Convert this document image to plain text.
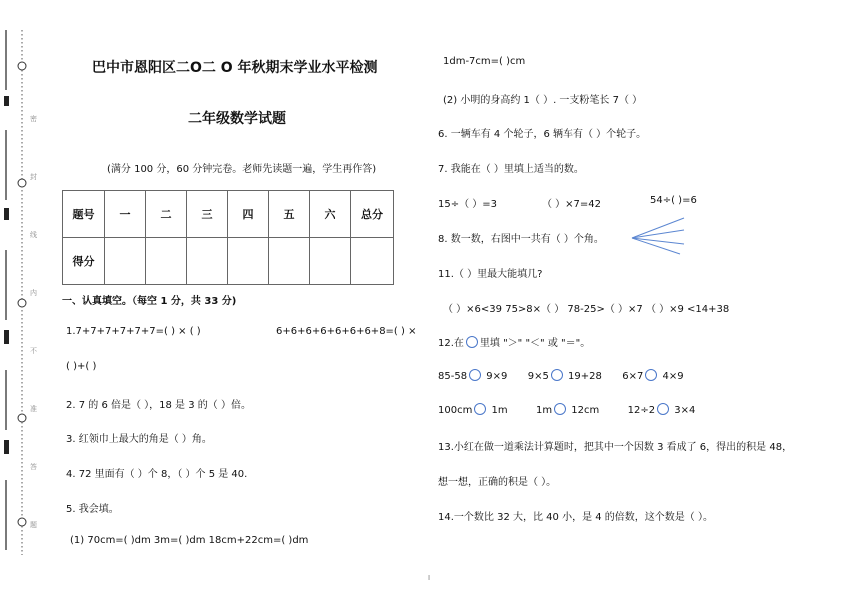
密 封 线 内 不 准 答 题
巴中市恩阳区二O二 O 年秋期末学业水平检测
二年级数学试题
(满分 100 分，60 分钟完卷。老师先读题一遍，学生再作答)
题号	一	二	三	四	五	六	总分
得分							
一、认真填空。（每空 1 分，共 33 分)
1.7+7+7+7+7+7=( ) × ( )	6+6+6+6+6+6+6+8=( ) ×
( )+( )
2. 7 的 6 倍是（ ），18 是 3 的（ ）倍。
3. 红领巾上最大的角是（ ）角。
4. 72 里面有（ ）个 8，（ ）个 5 是 40.
5. 我会填。
(1) 70cm=( )dm 3m=( )dm 18cm+22cm=( )dm
1dm-7cm=( )cm
(2) 小明的身高约 1（ ）. 一支粉笔长 7（ ）
6. 一辆车有 4 个轮子，6 辆车有（ ）个轮子。
7. 我能在（ ）里填上适当的数。
15÷（ ）=3	（ ）×7=42	54÷( )=6
8. 数一数，右图中一共有（ ）个角。
11.（ ）里最大能填几?
（ ）×6<39 75>8×（ ） 78-25>（ ）×7 （ ）×9 <14+38
12.在 里填 "＞" "＜" 或 "＝"。
85-58 9×9 9×5 19+28 6×7 4×9
100cm 1m	1m 12cm	12÷2 3×4
13.小红在做一道乘法计算题时，把其中一个因数 3 看成了 6，得出的积是 48，
想一想，正确的积是（ ）。
14.一个数比 32 大，比 40 小，是 4 的倍数，这个数是（ ）。
I
